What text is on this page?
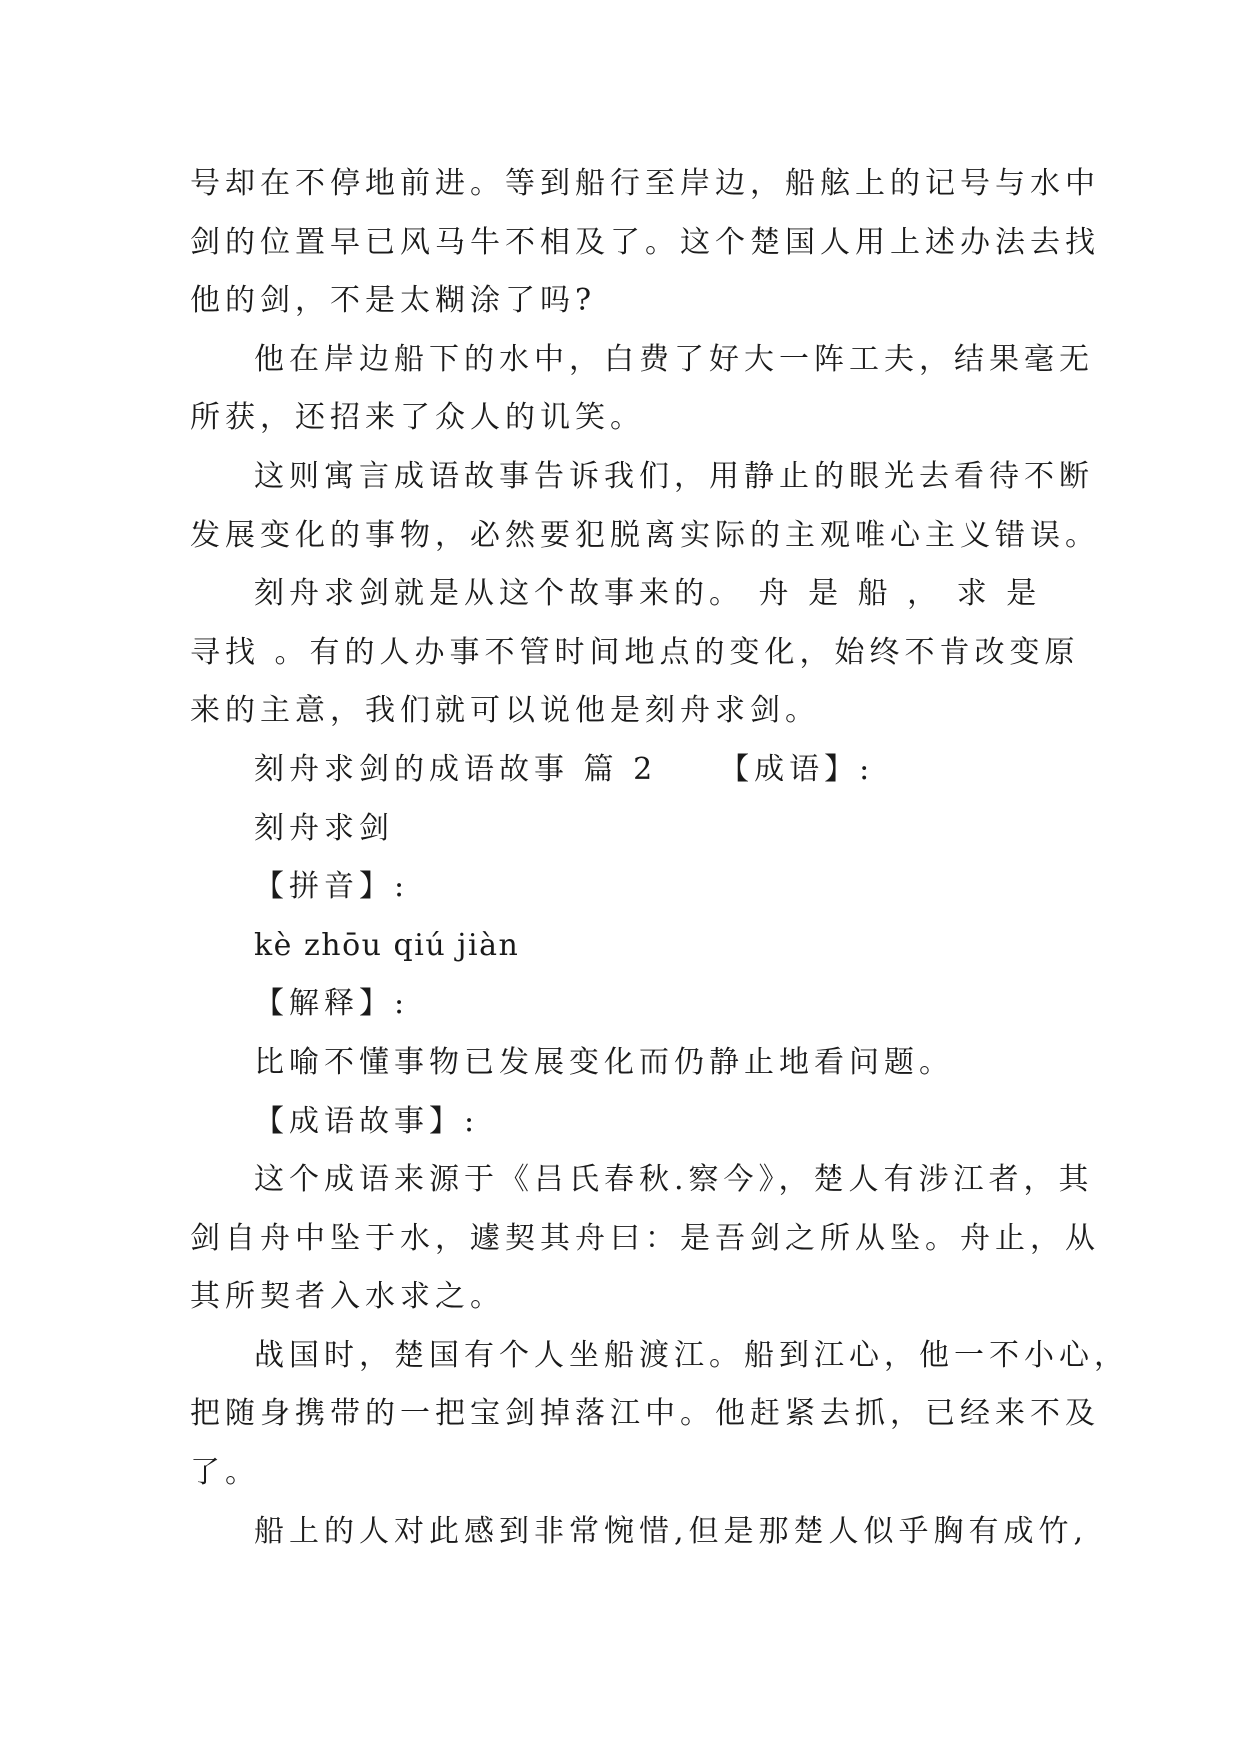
号却在不停地前进。等到船行至岸边，船舷上的记号与水中
剑的位置早已风马牛不相及了。这个楚国人用上述办法去找
他的剑，不是太糊涂了吗?
他在岸边船下的水中，白费了好大一阵工夫，结果毫无
所获，还招来了众人的讥笑。
这则寓言成语故事告诉我们，用静止的眼光去看待不断
发展变化的事物，必然要犯脱离实际的主观唯心主义错误。
刻舟求剑就是从这个故事来的。 舟 是 船 ， 求 是
寻找 。有的人办事不管时间地点的变化，始终不肯改变原
来的主意，我们就可以说他是刻舟求剑。
刻舟求剑的成语故事 篇 2 【成语】:
刻舟求剑
【拼音】:
kè zhōu qiú jiàn
【解释】:
比喻不懂事物已发展变化而仍静止地看问题。
【成语故事】:
这个成语来源于《吕氏春秋.察今》，楚人有涉江者，其
剑自舟中坠于水，遽契其舟曰：是吾剑之所从坠。舟止，从
其所契者入水求之。
战国时，楚国有个人坐船渡江。船到江心，他一不小心，
把随身携带的一把宝剑掉落江中。他赶紧去抓，已经来不及
了。
船上的人对此感到非常惋惜,但是那楚人似乎胸有成竹,
